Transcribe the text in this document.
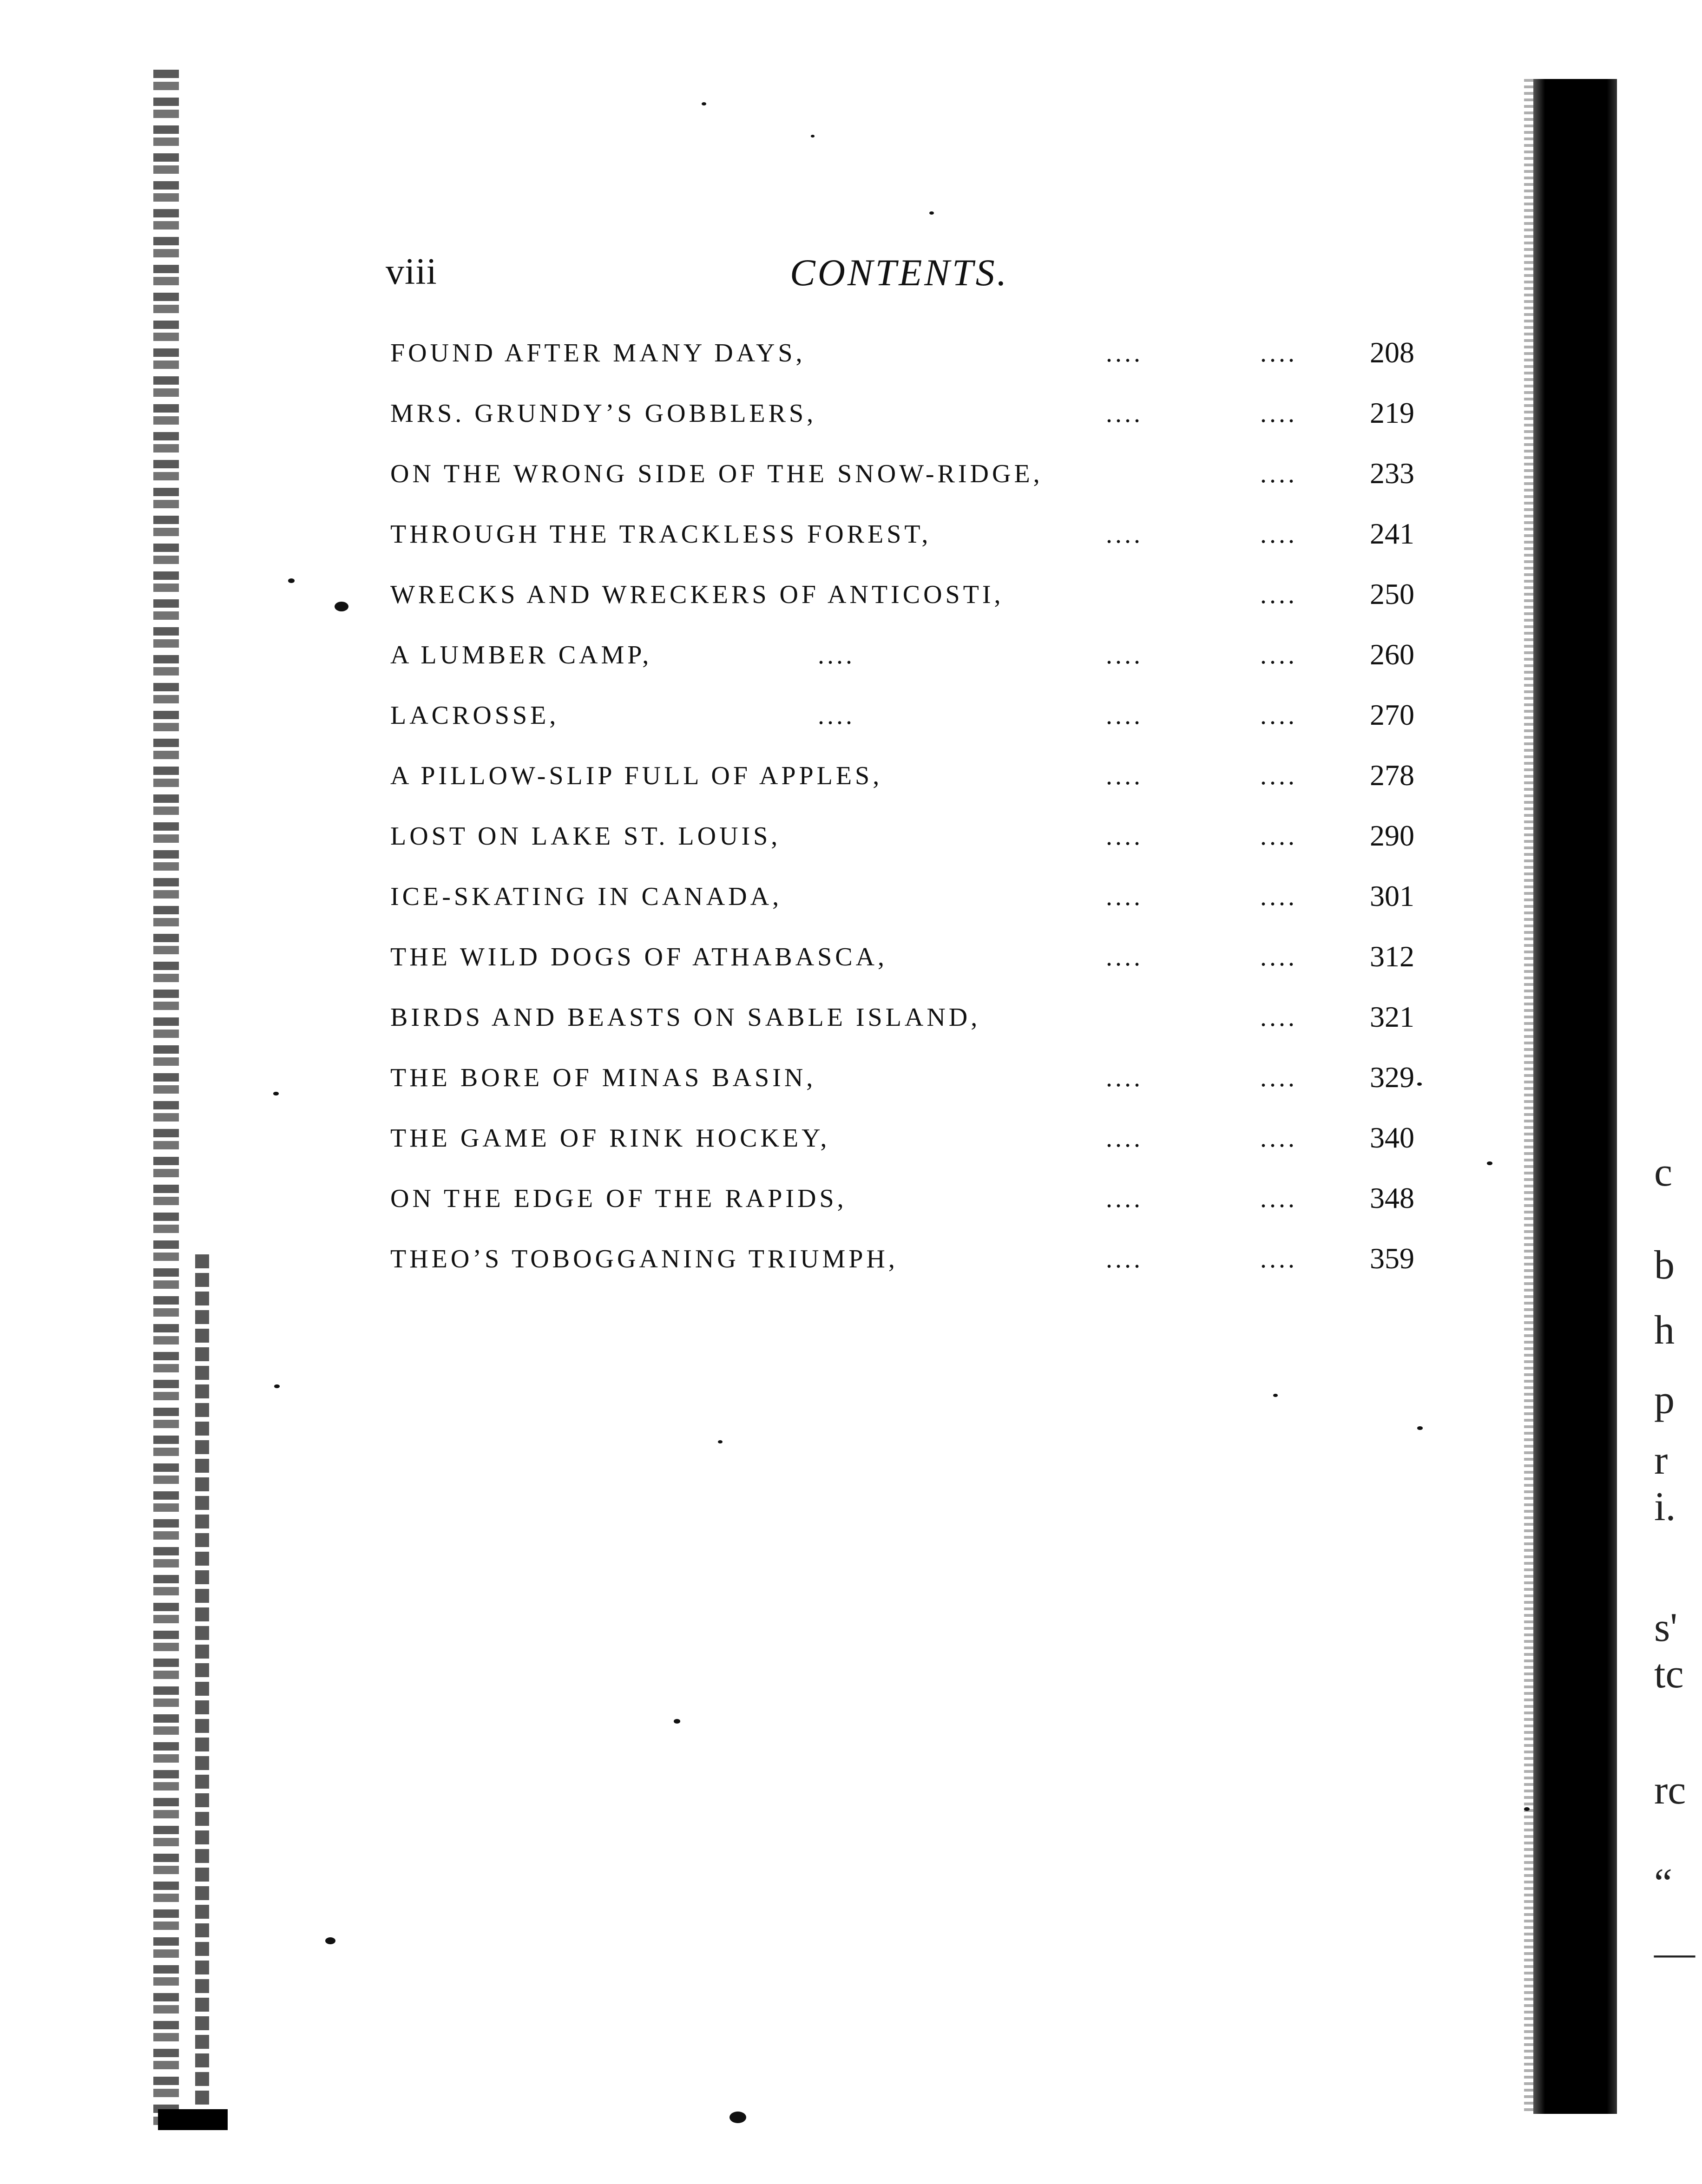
viii	CONTENTS.
FOUND AFTER MANY DAYS,	....	.... 208
MRS. GRUNDY’S GOBBLERS,	....	.... 219
ON THE WRONG SIDE OF THE SNOW-RIDGE,	.... 233
THROUGH THE TRACKLESS FOREST,	....	.... 241
WRECKS AND WRECKERS OF ANTICOSTI,	.... 250
A LUMBER CAMP,	....	....	.... 260
LACROSSE,	....	....	.... 270
A PILLOW-SLIP FULL OF APPLES,	....	.... 278
LOST ON LAKE ST. LOUIS,	....	.... 290
ICE-SKATING IN CANADA,	....	.... 301
THE WILD DOGS OF ATHABASCA,	....	.... 312
BIRDS AND BEASTS ON SABLE ISLAND,	.... 321
THE BORE OF MINAS BASIN,	....	.... 329
THE GAME OF RINK HOCKEY,	....	.... 340
ON THE EDGE OF THE RAPIDS,	....	.... 348
THEO’S TOBOGGANING TRIUMPH,	....	.... 359
c
b
h
p
r
i.
s'
tc
rc
“
—
